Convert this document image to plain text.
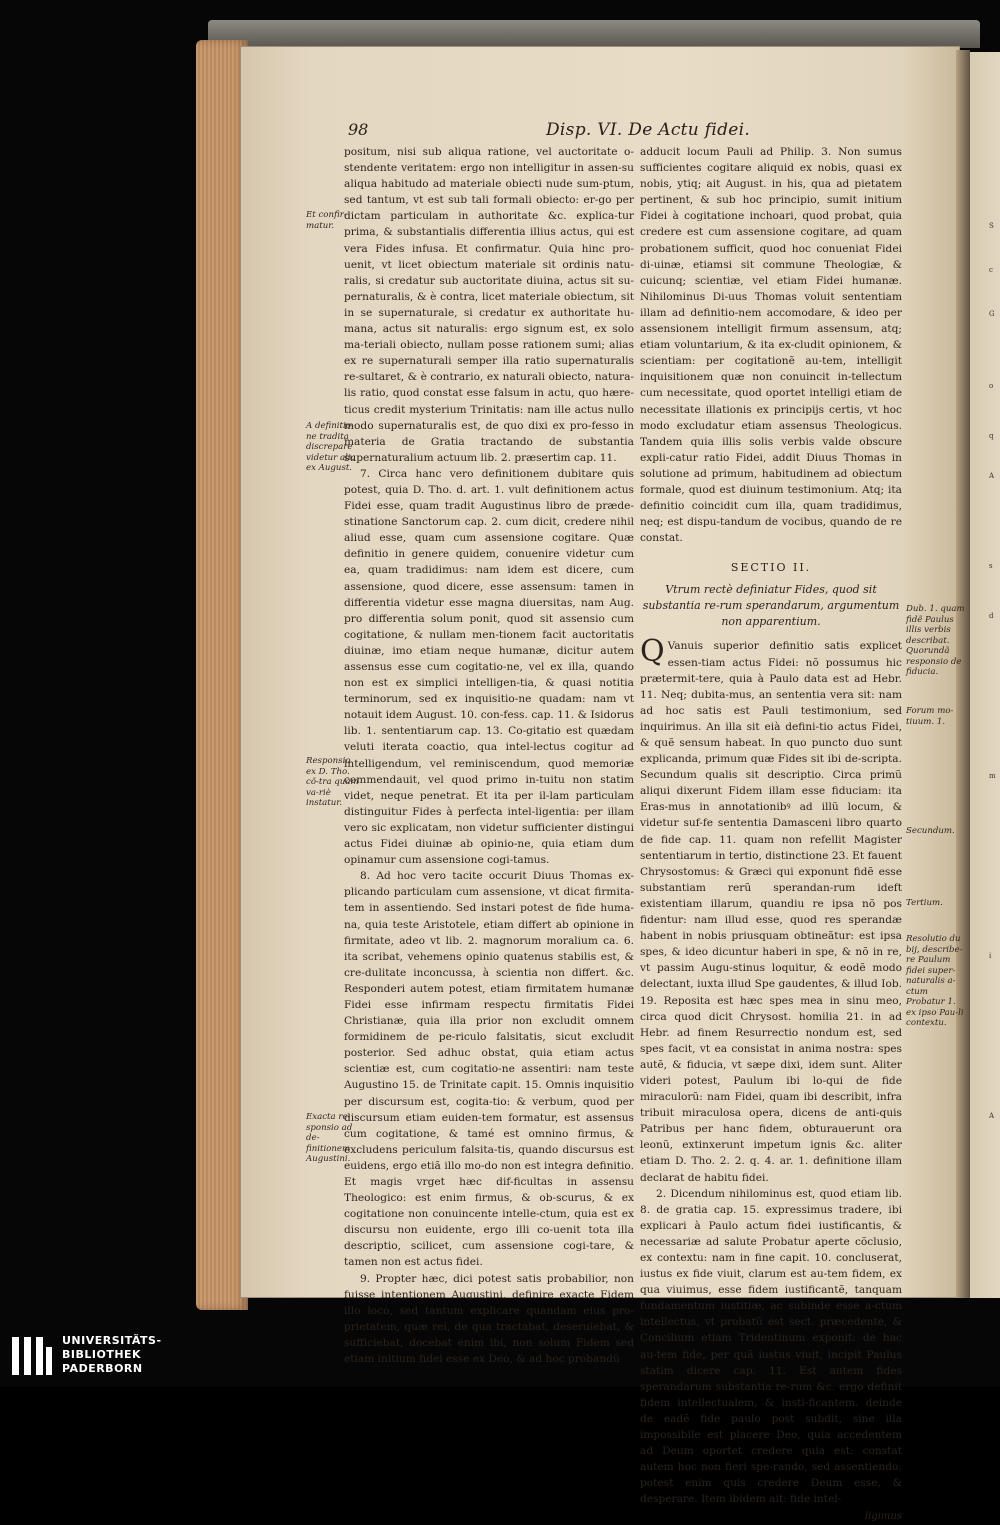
S
c
G
o
q
A
s
d
m
i
A
98	Disp. VI. De Actu fidei.

positum, nisi sub aliqua ratione, vel auctoritate o-stendente veritatem: ergo non intelligitur in assen-su aliqua habitudo ad materiale obiecti nude sum-ptum, sed tantum, vt est sub tali formali obiecto: er-go per dictam particulam in authoritate &c. explica-tur prima, & substantialis differentia illius actus, qui est vera Fides infusa. Et confirmatur. Quia hinc pro-uenit, vt licet obiectum materiale sit ordinis natu-ralis, si credatur sub auctoritate diuina, actus sit su-pernaturalis, & è contra, licet materiale obiectum, sit in se supernaturale, si credatur ex authoritate hu-mana, actus sit naturalis: ergo signum est, ex solo ma-teriali obiecto, nullam posse rationem sumi; alias ex re supernaturali semper illa ratio supernaturalis re-sultaret, & è contrario, ex naturali obiecto, natura-lis ratio, quod constat esse falsum in actu, quo hære-ticus credit mysterium Trinitatis: nam ille actus nullo modo supernaturalis est, de quo dixi ex pro-fesso in materia de Gratia tractando de substantia supernaturalium actuum lib. 2. præsertim cap. 11.

7. Circa hanc vero definitionem dubitare quis potest, quia D. Tho. d. art. 1. vult definitionem actus Fidei esse, quam tradit Augustinus libro de præde-stinatione Sanctorum cap. 2. cum dicit, credere nihil aliud esse, quam cum assensione cogitare. Quæ definitio in genere quidem, conuenire videtur cum ea, quam tradidimus: nam idem est dicere, cum assensione, quod dicere, esse assensum: tamen in differentia videtur esse magna diuersitas, nam Aug. pro differentia solum ponit, quod sit assensio cum cogitatione, & nullam men-tionem facit auctoritatis diuinæ, imo etiam neque humanæ, dicitur autem assensus esse cum cogitatio-ne, vel ex illa, quando non est ex simplici intelligen-tia, & quasi notitia terminorum, sed ex inquisitio-ne quadam: nam vt notauit idem August. 10. con-fess. cap. 11. & Isidorus lib. 1. sententiarum cap. 13. Co-gitatio est quædam veluti iterata coactio, qua intel-lectus cogitur ad intelligendum, vel reminiscendum, quod memoriæ commendauit, vel quod primo in-tuitu non statim videt, neque penetrat. Et ita per il-lam particulam distinguitur Fides à perfecta intel-ligentia: per illam vero sic explicatam, non videtur sufficienter distingui actus Fidei diuinæ ab opinio-ne, quia etiam dum opinamur cum assensione cogi-tamus.

8. Ad hoc vero tacite occurit Diuus Thomas ex-plicando particulam cum assensione, vt dicat firmita-tem in assentiendo. Sed instari potest de fide huma-na, quia teste Aristotele, etiam differt ab opinione in firmitate, adeo vt lib. 2. magnorum moralium ca. 6. ita scribat, vehemens opinio quatenus stabilis est, & cre-dulitate inconcussa, à scientia non differt. &c. Responderi autem potest, etiam firmitatem humanæ Fidei esse infirmam respectu firmitatis Fidei Christianæ, quia illa prior non excludit omnem formidinem de pe-riculo falsitatis, sicut excludit posterior. Sed adhuc obstat, quia etiam actus scientiæ est, cum cogitatio-ne assentiri: nam teste Augustino 15. de Trinitate capit. 15. Omnis inquisitio per discursum est, cogita-tio: & verbum, quod per discursum etiam euiden-tem formatur, est assensus cum cogitatione, & tamé est omnino firmus, & excludens periculum falsita-tis, quando discursus est euidens, ergo etiã illo mo-do non est integra definitio. Et magis vrget hæc dif-ficultas in assensu Theologico: est enim firmus, & ob-scurus, & ex cogitatione non conuincente intelle-ctum, quia est ex discursu non euidente, ergo illi co-uenit tota illa descriptio, scilicet, cum assensione cogi-tare, & tamen non est actus fidei.

9. Propter hæc, dici potest satis probabilior, non fuisse intentionem Augustini, definire exacte Fidem illo loco, sed tantum explicare quandam eius pro-prietatem, quæ rei, de qua tractabat, deseruiebat, & sufficiebat, docebat enim ibi, non solum Fidem sed etiam initium fidei esse ex Deo, & ad hoc probandũ

adducit locum Pauli ad Philip. 3. Non sumus sufficientes cogitare aliquid ex nobis, quasi ex nobis, ytiq; ait August. in his, qua ad pietatem pertinent, & sub hoc principio, sumit initium Fidei à cogitatione inchoari, quod probat, quia credere est cum assensione cogitare, ad quam probationem sufficit, quod hoc conueniat Fidei di-uinæ, etiamsi sit commune Theologiæ, & cuicunq; scientiæ, vel etiam Fidei humanæ. Nihilominus Di-uus Thomas voluit sententiam illam ad definitio-nem accomodare, & ideo per assensionem intelligit firmum assensum, atq; etiam voluntarium, & ita ex-cludit opinionem, & scientiam: per cogitationẽ au-tem, intelligit inquisitionem quæ non conuincit in-tellectum cum necessitate, quod oportet intelligi etiam de necessitate illationis ex principijs certis, vt hoc modo excludatur etiam assensus Theologicus. Tandem quia illis solis verbis valde obscure expli-catur ratio Fidei, addit Diuus Thomas in solutione ad primum, habitudinem ad obiectum formale, quod est diuinum testimonium. Atq; ita definitio coincidit cum illa, quam tradidimus, neq; est dispu-tandum de vocibus, quando de re constat.

SECTIO II.
Vtrum rectè definiatur Fides, quod sit substantia re-rum sperandarum, argumentum non apparentium.

QVanuis superior definitio satis explicet essen-tiam actus Fidei: nõ possumus hic prætermit-tere, quia à Paulo data est ad Hebr. 11. Neq; dubita-mus, an sententia vera sit: nam ad hoc satis est Pauli testimonium, sed inquirimus. An illa sit eià defini-tio actus Fidei, & quẽ sensum habeat. In quo puncto duo sunt explicanda, primum quæ Fides sit ibi de-scripta. Secundum qualis sit descriptio. Circa primũ aliqui dixerunt Fidem illam esse fiduciam: ita Eras-mus in annotationibꝰ ad illũ locum, & videtur suf-fe sententia Damasceni libro quarto de fide cap. 11. quam non refellit Magister sententiarum in tertio, distinctione 23. Et fauent Chrysostomus: & Græci qui exponunt fidẽ esse substantiam rerũ sperandan-rum ideft existentiam illarum, quandiu re ipsa nõ pos fidentur: nam illud esse, quod res sperandæ habent in nobis priusquam obtineãtur: est ipsa spes, & ideo dicuntur haberi in spe, & nõ in re, vt passim Augu-stinus loquitur, & eodẽ modo delectant, iuxta illud Spe gaudentes, & illud Iob. 19. Reposita est hæc spes mea in sinu meo, circa quod dicit Chrysost. homilia 21. in ad Hebr. ad finem Resurrectio nondum est, sed spes facit, vt ea consistat in anima nostra: spes autẽ, & fiducia, vt sæpe dixi, idem sunt. Aliter videri potest, Paulum ibi lo-qui de fide miraculorũ: nam Fidei, quam ibi describit, infra tribuit miraculosa opera, dicens de anti-quis Patribus per hanc fidem, obturauerunt ora leonũ, extinxerunt impetum ignis &c. aliter etiam D. Tho. 2. 2. q. 4. ar. 1. definitione illam declarat de habitu fidei.

2. Dicendum nihilominus est, quod etiam lib. 8. de gratia cap. 15. expressimus tradere, ibi explicari à Paulo actum fidei iustificantis, & necessariæ ad salute Probatur aperte cõclusio, ex contextu: nam in fine capit. 10. concluserat, iustus ex fide viuit, clarum est au-tem fidem, ex qua viuimus, esse fidem iustificantẽ, tanquam fundamentum iustitiæ, ac subinde esse a-ctum intellectus, vt probatũ est sect. præcedente, & Concilium etiam Tridentinum exponit: de hac au-tem fide, per quã iustus viuit, incipit Paulus statim dicere cap. 11. Est autem fides sperandarum substantia re-rum &c. ergo definit fidem intellectualem, & insti-ficantem. deinde de eadẽ fide paulo post subdit, sine illa impossibile est placere Deo, quia accedentem ad Deum oportet credere quia est: constat autem hoc non fieri spe-rando, sed assentiendo: potest enim quis credere Deum esse, & desperare. Item ibidem ait: fide intel-

ligimus
Et confir-matur.
A definitio-ne tradita discrepare videtur alia ex August.
Responsio ex D. Tho. cõ-tra quam va-riè instatur.
Exacta re-sponsio ad de-finitionem Augustini.
Dub. 1. quam fidẽ Paulus illis verbis describat. Quorundã responsio de fiducia.
Forum mo-tiuum. 1.
Secundum.
Tertium.
Resolutio du bij, describe-re Paulum fidei super-naturalis a-ctum Probatur 1. ex ipso Pau-li contextu.
UNIVERSITÄTS-
BIBLIOTHEK
PADERBORN
